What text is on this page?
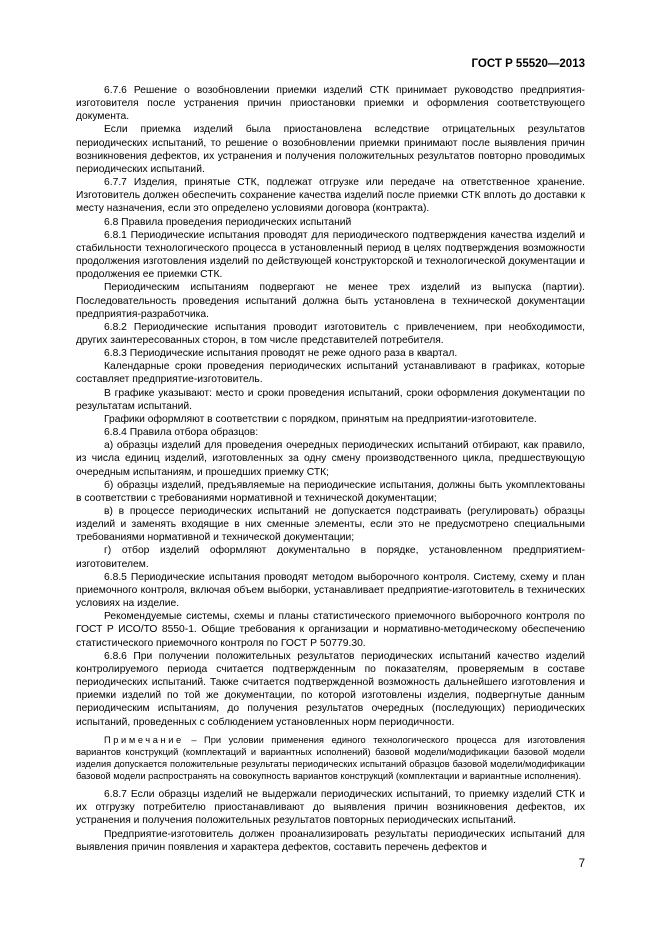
ГОСТ Р 55520—2013

6.7.6 Решение о возобновлении приемки изделий СТК принимает руководство предприятия-изготовителя после устранения причин приостановки приемки и оформления соответствующего документа.

Если приемка изделий была приостановлена вследствие отрицательных результатов периодических испытаний, то решение о возобновлении приемки принимают после выявления причин возникновения дефектов, их устранения и получения положительных результатов повторно проводимых периодических испытаний.

6.7.7 Изделия, принятые СТК, подлежат отгрузке или передаче на ответственное хранение. Изготовитель должен обеспечить сохранение качества изделий после приемки СТК вплоть до доставки к месту назначения, если это определено условиями договора (контракта).

6.8 Правила проведения периодических испытаний

6.8.1 Периодические испытания проводят для периодического подтверждения качества изделий и стабильности технологического процесса в установленный период в целях подтверждения возможности продолжения изготовления изделий по действующей конструкторской и технологической документации и продолжения ее приемки СТК.

Периодическим испытаниям подвергают не менее трех изделий из выпуска (партии). Последовательность проведения испытаний должна быть установлена в технической документации предприятия-разработчика.

6.8.2 Периодические испытания проводит изготовитель с привлечением, при необходимости, других заинтересованных сторон, в том числе представителей потребителя.

6.8.3 Периодические испытания проводят не реже одного раза в квартал.

Календарные сроки проведения периодических испытаний устанавливают в графиках, которые составляет предприятие-изготовитель.

В графике указывают: место и сроки проведения испытаний, сроки оформления документации по результатам испытаний.

Графики оформляют в соответствии с порядком, принятым на предприятии-изготовителе.

6.8.4 Правила отбора образцов:

а) образцы изделий для проведения очередных периодических испытаний отбирают, как правило, из числа единиц изделий, изготовленных за одну смену производственного цикла, предшествующую очередным испытаниям, и прошедших приемку СТК;

б) образцы изделий, предъявляемые на периодические испытания, должны быть укомплектованы в соответствии с требованиями нормативной и технической документации;

в) в процессе периодических испытаний не допускается подстраивать (регулировать) образцы изделий и заменять входящие в них сменные элементы, если это не предусмотрено специальными требованиями нормативной и технической документации;

г) отбор изделий оформляют документально в порядке, установленном предприятием-изготовителем.

6.8.5 Периодические испытания проводят методом выборочного контроля. Систему, схему и план приемочного контроля, включая объем выборки, устанавливает предприятие-изготовитель в технических условиях на изделие.

Рекомендуемые системы, схемы и планы статистического приемочного выборочного контроля по ГОСТ Р ИСО/ТО 8550-1. Общие требования к организации и нормативно-методическому обеспечению статистического приемочного контроля по ГОСТ Р 50779.30.

6.8.6 При получении положительных результатов периодических испытаний качество изделий контролируемого периода считается подтвержденным по показателям, проверяемым в составе периодических испытаний. Также считается подтвержденной возможность дальнейшего изготовления и приемки изделий по той же документации, по которой изготовлены изделия, подвергнутые данным периодическим испытаниям, до получения результатов очередных (последующих) периодических испытаний, проведенных с соблюдением установленных норм периодичности.

Примечание – При условии применения единого технологического процесса для изготовления вариантов конструкций (комплектаций и вариантных исполнений) базовой модели/модификации базовой модели изделия допускается положительные результаты периодических испытаний образцов базовой модели/модификации базовой модели распространять на совокупность вариантов конструкций (комплектации и вариантные исполнения).

6.8.7 Если образцы изделий не выдержали периодических испытаний, то приемку изделий СТК и их отгрузку потребителю приостанавливают до выявления причин возникновения дефектов, их устранения и получения положительных результатов повторных периодических испытаний.

Предприятие-изготовитель должен проанализировать результаты периодических испытаний для выявления причин появления и характера дефектов, составить перечень дефектов и

7
